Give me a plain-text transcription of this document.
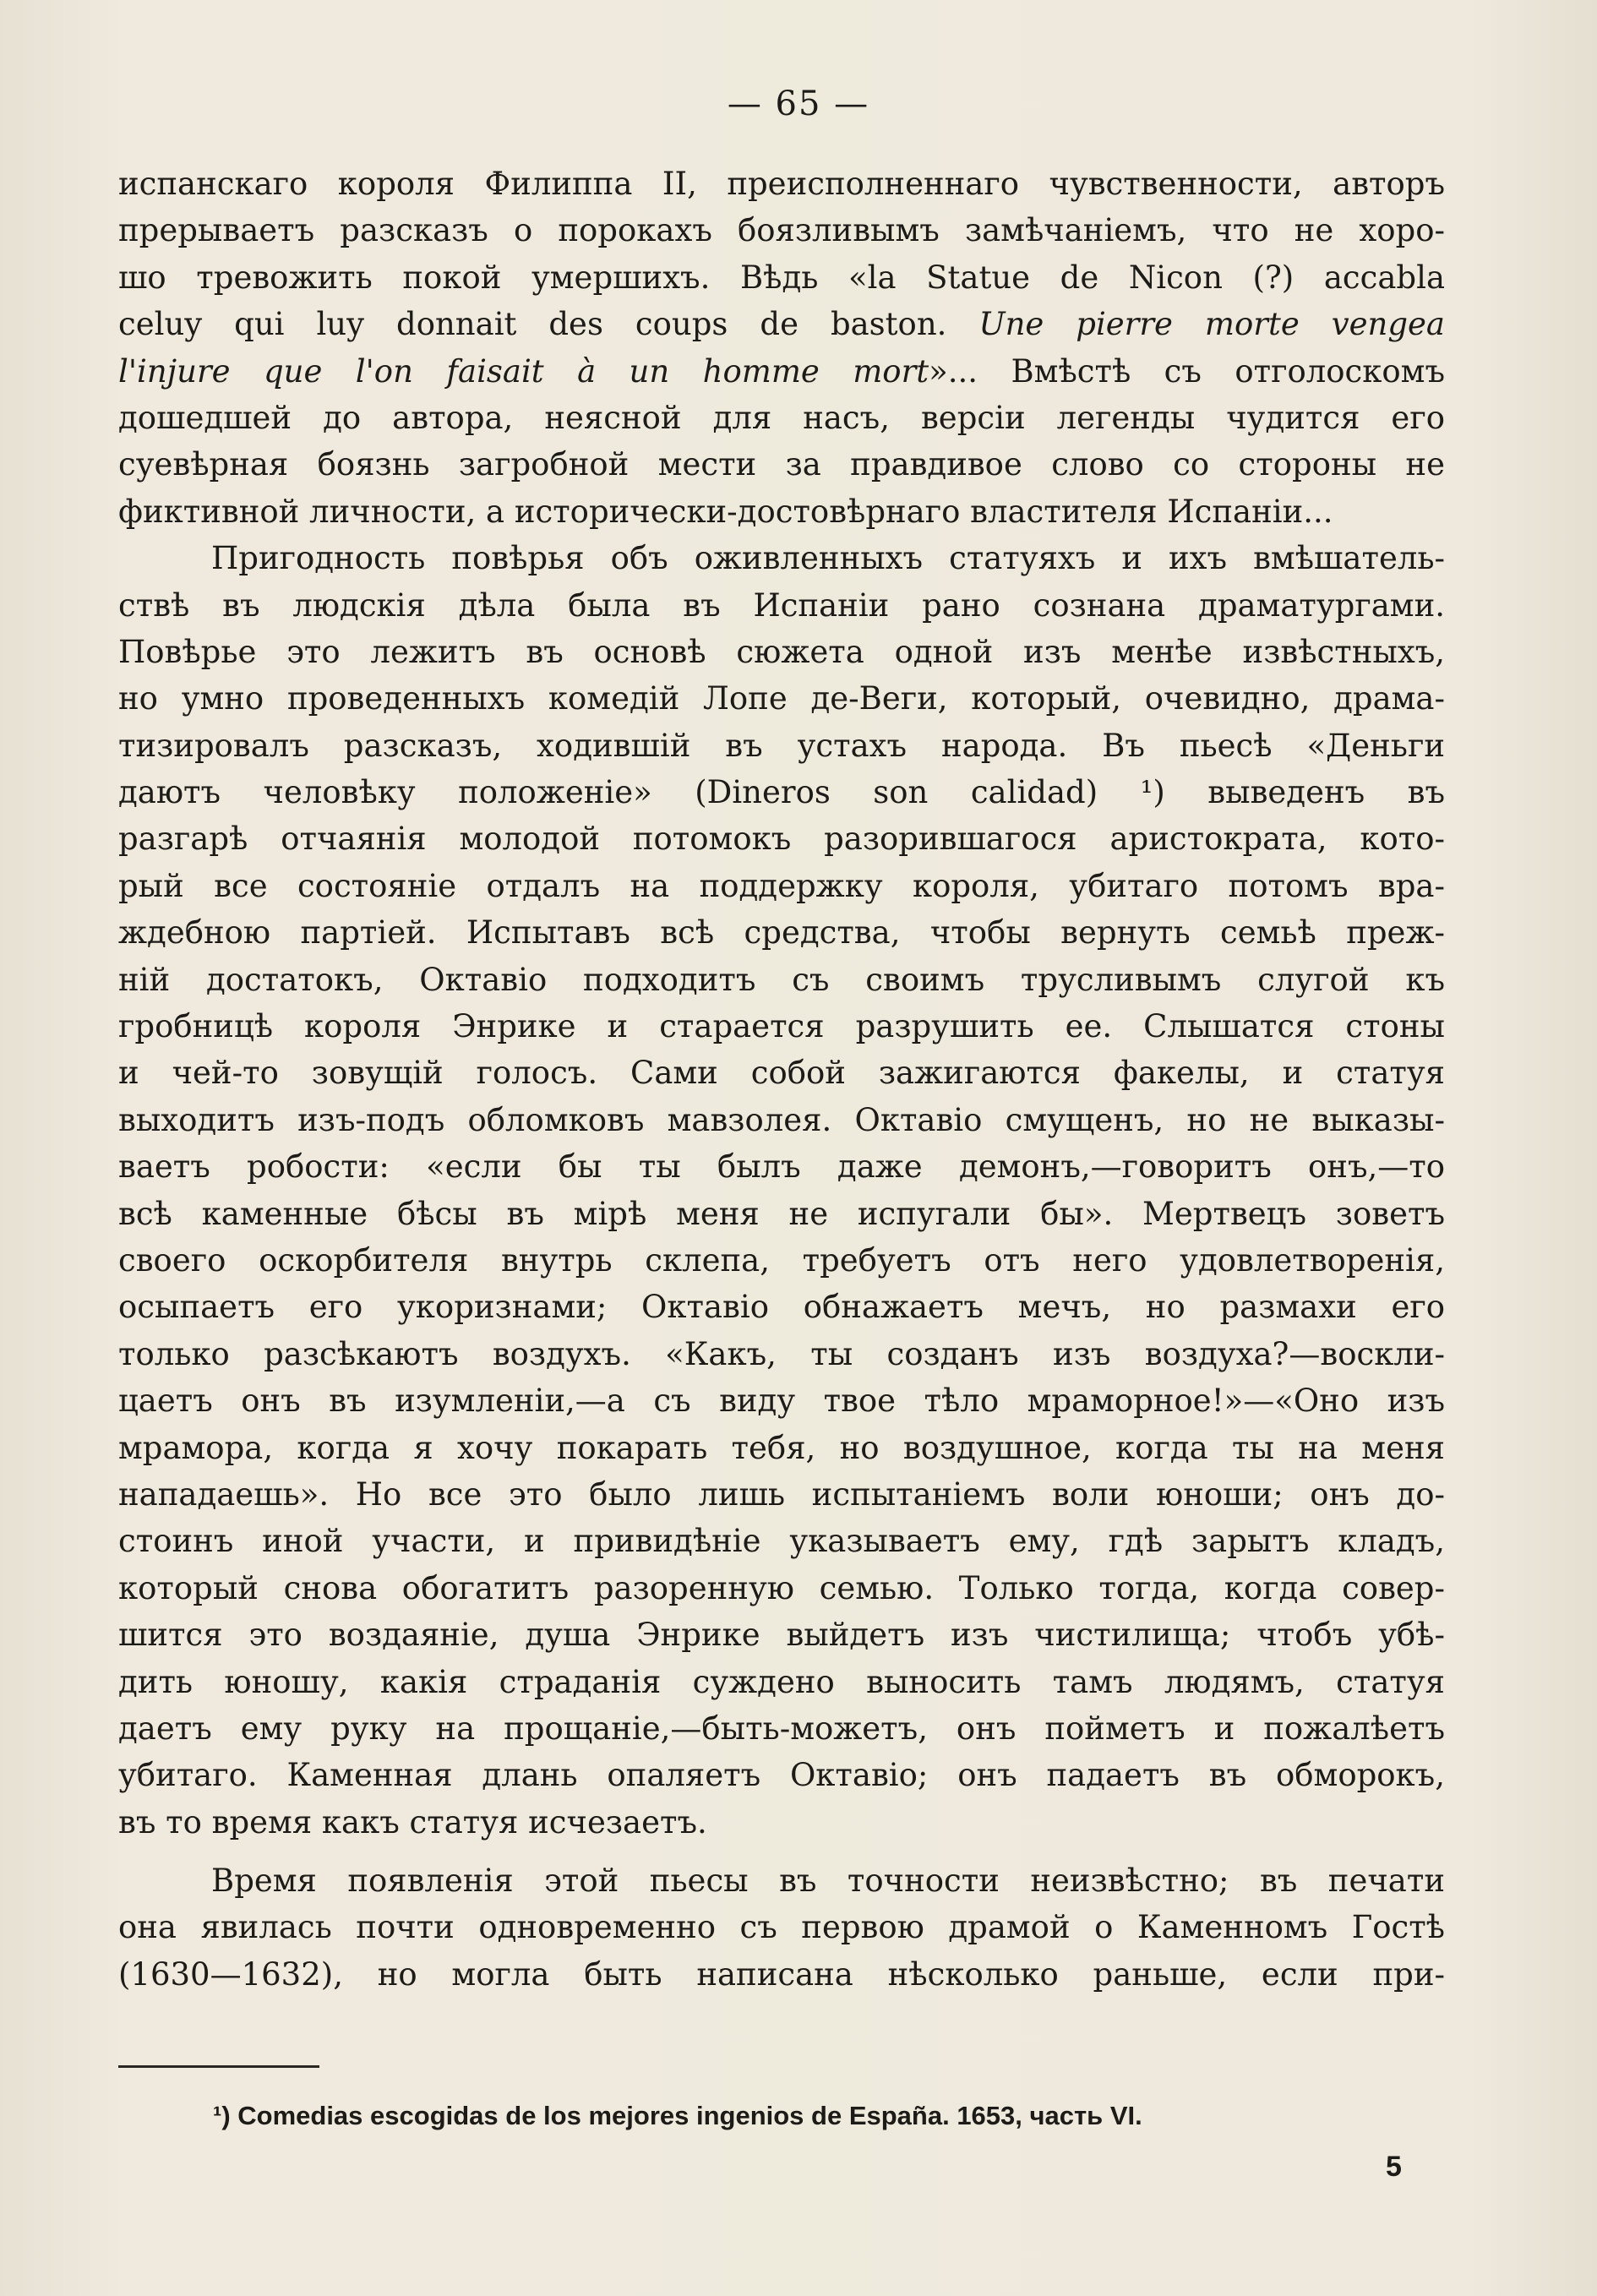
— 65 —
испанскаго короля Филиппа II, преисполненнаго чувственности, авторъ
прерываетъ разсказъ о порокахъ боязливымъ замѣчаніемъ, что не хоро-
шо тревожить покой умершихъ. Вѣдь «la Statue de Nicon (?) accabla
celuy qui luy donnait des coups de baston. Une pierre morte vengea
l'injure que l'on faisait à un homme mort»... Вмѣстѣ съ отголоскомъ
дошедшей до автора, неясной для насъ, версіи легенды чудится его
суевѣрная боязнь загробной мести за правдивое слово со стороны не
фиктивной личности, а исторически-достовѣрнаго властителя Испаніи...
Пригодность повѣрья объ оживленныхъ статуяхъ и ихъ вмѣшатель-
ствѣ въ людскія дѣла была въ Испаніи рано сознана драматургами.
Повѣрье это лежитъ въ основѣ сюжета одной изъ менѣе извѣстныхъ,
но умно проведенныхъ комедій Лопе де-Веги, который, очевидно, драма-
тизировалъ разсказъ, ходившій въ устахъ народа. Въ пьесѣ «Деньги
даютъ человѣку положеніе» (Dineros son calidad) ¹) выведенъ въ
разгарѣ отчаянія молодой потомокъ разорившагося аристократа, кото-
рый все состояніе отдалъ на поддержку короля, убитаго потомъ вра-
ждебною партіей. Испытавъ всѣ средства, чтобы вернуть семьѣ преж-
ній достатокъ, Октавіо подходитъ съ своимъ трусливымъ слугой къ
гробницѣ короля Энрике и старается разрушить ее. Слышатся стоны
и чей-то зовущій голосъ. Сами собой зажигаются факелы, и статуя
выходитъ изъ-подъ обломковъ мавзолея. Октавіо смущенъ, но не выказы-
ваетъ робости: «если бы ты былъ даже демонъ,—говоритъ онъ,—то
всѣ каменные бѣсы въ мірѣ меня не испугали бы». Мертвецъ зоветъ
своего оскорбителя внутрь склепа, требуетъ отъ него удовлетворенія,
осыпаетъ его укоризнами; Октавіо обнажаетъ мечъ, но размахи его
только разсѣкаютъ воздухъ. «Какъ, ты созданъ изъ воздуха?—воскли-
цаетъ онъ въ изумленіи,—а съ виду твое тѣло мраморное!»—«Оно изъ
мрамора, когда я хочу покарать тебя, но воздушное, когда ты на меня
нападаешь». Но все это было лишь испытаніемъ воли юноши; онъ до-
стоинъ иной участи, и привидѣніе указываетъ ему, гдѣ зарытъ кладъ,
который снова обогатитъ разоренную семью. Только тогда, когда совер-
шится это воздаяніе, душа Энрике выйдетъ изъ чистилища; чтобъ убѣ-
дить юношу, какія страданія суждено выносить тамъ людямъ, статуя
даетъ ему руку на прощаніе,—быть-можетъ, онъ пойметъ и пожалѣетъ
убитаго. Каменная длань опаляетъ Октавіо; онъ падаетъ въ обморокъ,
въ то время какъ статуя исчезаетъ.
Время появленія этой пьесы въ точности неизвѣстно; въ печати
она явилась почти одновременно съ первою драмой о Каменномъ Гостѣ
(1630—1632), но могла быть написана нѣсколько раньше, если при-
¹) Comedias escogidas de los mejores ingenios de España. 1653, часть VI.
5
